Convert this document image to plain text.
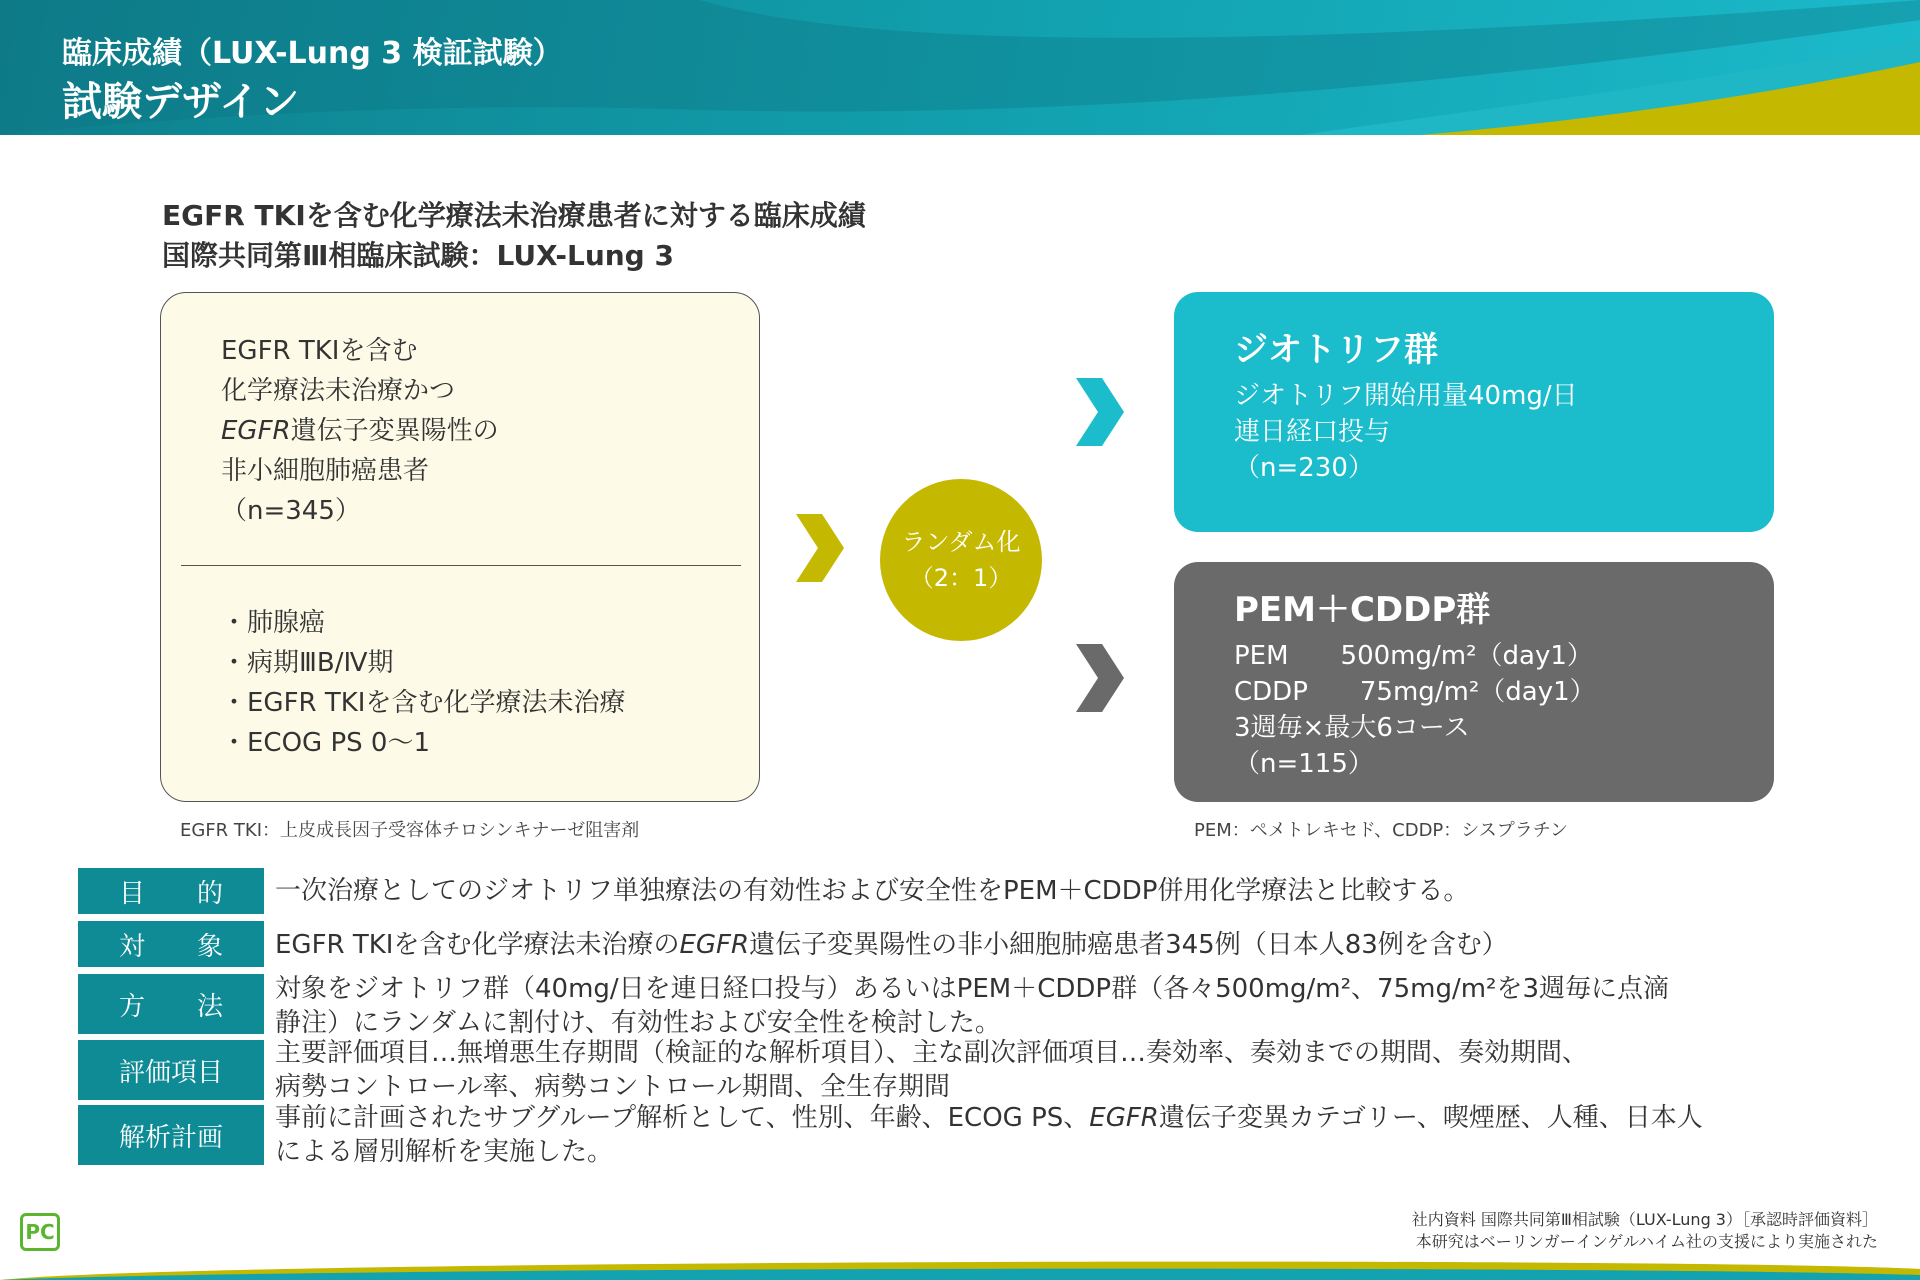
臨床成績（LUX-Lung 3 検証試験）
試験デザイン
EGFR TKIを含む化学療法未治療患者に対する臨床成績
国際共同第Ⅲ相臨床試験：LUX-Lung 3
EGFR TKIを含む
化学療法未治療かつ
EGFR遺伝子変異陽性の
非小細胞肺癌患者
（n=345）
・肺腺癌
・病期ⅢB/Ⅳ期
・EGFR TKIを含む化学療法未治療
・ECOG PS 0〜1
EGFR TKI：上皮成長因子受容体チロシンキナーゼ阻害剤
ランダム化
（2：1）
ジオトリフ群
ジオトリフ開始用量40mg/日
連日経口投与
（n=230）
PEM＋CDDP群
PEM　　500mg/m²（day1）
CDDP　　75mg/m²（day1）
3週毎×最大6コース
（n=115）
PEM：ペメトレキセド、CDDP：シスプラチン
目　　的	一次治療としてのジオトリフ単独療法の有効性および安全性をPEM＋CDDP併用化学療法と比較する。
対　　象	EGFR TKIを含む化学療法未治療のEGFR遺伝子変異陽性の非小細胞肺癌患者345例（日本人83例を含む）
方　　法
対象をジオトリフ群（40mg/日を連日経口投与）あるいはPEM＋CDDP群（各々500mg/m²、75mg/m²を3週毎に点滴
静注）にランダムに割付け、有効性および安全性を検討した。
評価項目
主要評価項目…無増悪生存期間（検証的な解析項目）、主な副次評価項目…奏効率、奏効までの期間、奏効期間、
病勢コントロール率、病勢コントロール期間、全生存期間
解析計画
事前に計画されたサブグループ解析として、性別、年齢、ECOG PS、EGFR遺伝子変異カテゴリー、喫煙歴、人種、日本人
による層別解析を実施した。
PC
社内資料 国際共同第Ⅲ相試験（LUX-Lung 3）［承認時評価資料］
本研究はベーリンガーインゲルハイム社の支援により実施された
